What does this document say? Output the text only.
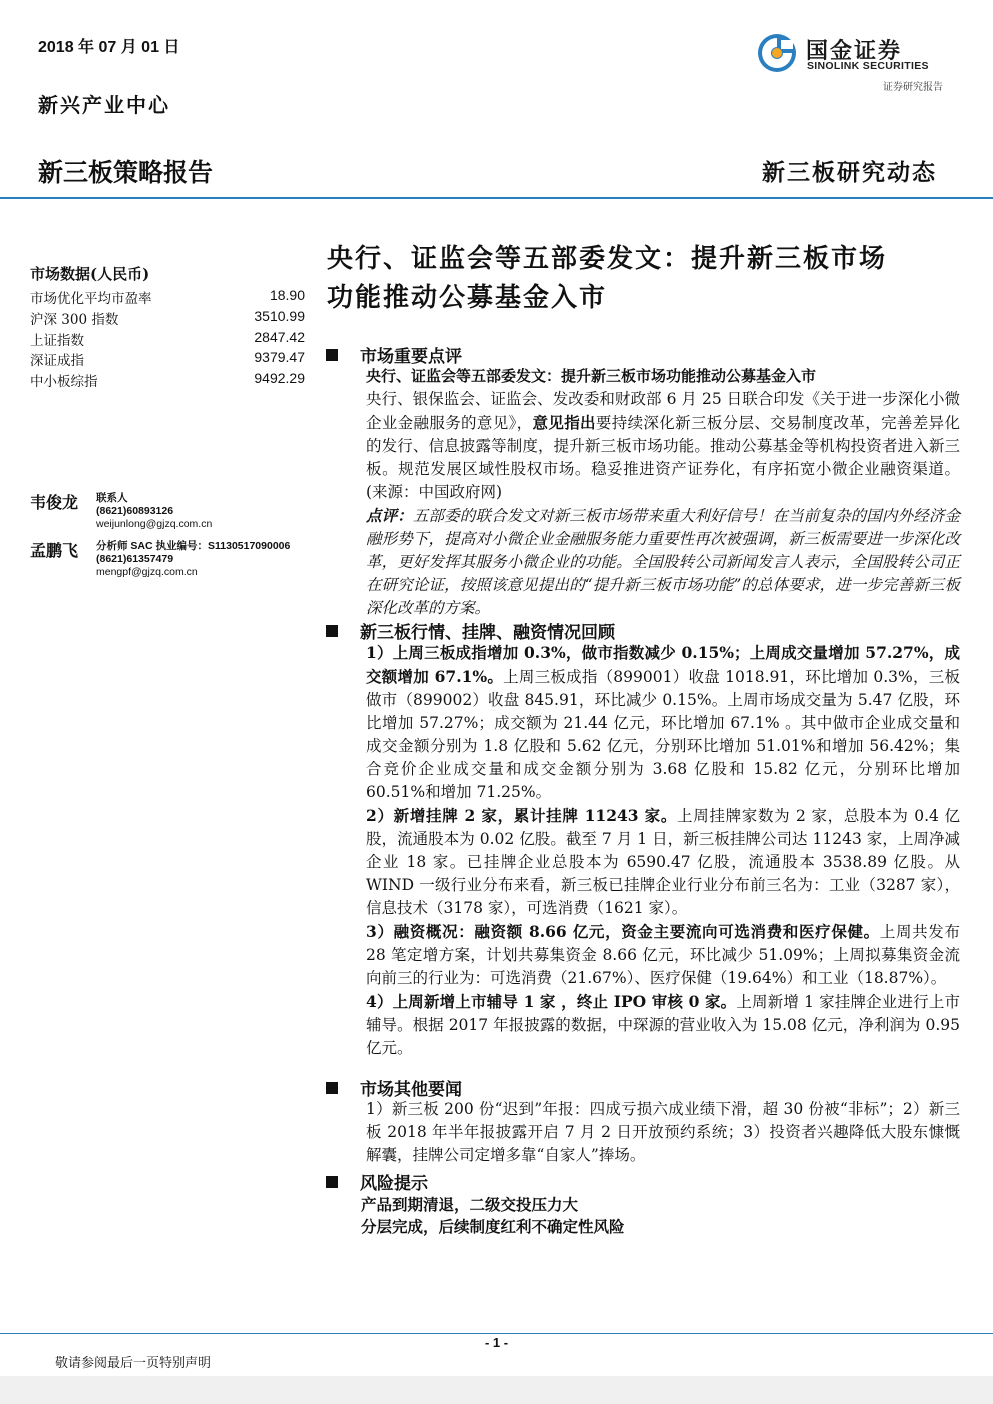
2018 年 07 月 01 日
新兴产业中心
新三板策略报告	新三板研究动态
国金证券
SINOLINK SECURITIES
证券研究报告
市场数据(人民币)
市场优化平均市盈率	18.90
沪深 300 指数	3510.99
上证指数	2847.42
深证成指	9379.47
中小板综指	9492.29
韦俊龙 联系人
(8621)60893126
weijunlong@gjzq.com.cn
孟鹏飞 分析师 SAC 执业编号：S1130517090006
(8621)61357479
mengpf@gjzq.com.cn
央行、证监会等五部委发文：提升新三板市场
功能推动公募基金入市
市场重要点评
央行、证监会等五部委发文：提升新三板市场功能推动公募基金入市
央行、银保监会、证监会、发改委和财政部 6 月 25 日联合印发《关于进一步深化小微企业金融服务的意见》，意见指出要持续深化新三板分层、交易制度改革，完善差异化的发行、信息披露等制度，提升新三板市场功能。推动公募基金等机构投资者进入新三板。规范发展区域性股权市场。稳妥推进资产证券化，有序拓宽小微企业融资渠道。(来源：中国政府网)
点评：五部委的联合发文对新三板市场带来重大利好信号！在当前复杂的国内外经济金融形势下，提高对小微企业金融服务能力重要性再次被强调，新三板需要进一步深化改革，更好发挥其服务小微企业的功能。全国股转公司新闻发言人表示，全国股转公司正在研究论证，按照该意见提出的“提升新三板市场功能”的总体要求，进一步完善新三板深化改革的方案。
新三板行情、挂牌、融资情况回顾
1）上周三板成指增加 0.3%，做市指数减少 0.15%；上周成交量增加 57.27%，成交额增加 67.1%。上周三板成指（899001）收盘 1018.91，环比增加 0.3%，三板做市（899002）收盘 845.91，环比减少 0.15%。上周市场成交量为 5.47 亿股，环比增加 57.27%；成交额为 21.44 亿元，环比增加 67.1% 。其中做市企业成交量和成交金额分别为 1.8 亿股和 5.62 亿元，分别环比增加 51.01%和增加 56.42%；集合竞价企业成交量和成交金额分别为 3.68 亿股和 15.82 亿元，分别环比增加 60.51%和增加 71.25%。
2）新增挂牌 2 家，累计挂牌 11243 家。上周挂牌家数为 2 家，总股本为 0.4 亿股，流通股本为 0.02 亿股。截至 7 月 1 日，新三板挂牌公司达 11243 家，上周净减企业 18 家。已挂牌企业总股本为 6590.47 亿股，流通股本 3538.89 亿股。从 WIND 一级行业分布来看，新三板已挂牌企业行业分布前三名为：工业（3287 家），信息技术（3178 家），可选消费（1621 家）。
3）融资概况：融资额 8.66 亿元，资金主要流向可选消费和医疗保健。上周共发布 28 笔定增方案，计划共募集资金 8.66 亿元，环比减少 51.09%；上周拟募集资金流向前三的行业为：可选消费（21.67%）、医疗保健（19.64%）和工业（18.87%）。
4）上周新增上市辅导 1 家 ，终止 IPO 审核 0 家。上周新增 1 家挂牌企业进行上市辅导。根据 2017 年报披露的数据，中琛源的营业收入为 15.08 亿元，净利润为 0.95 亿元。
市场其他要闻
1）新三板 200 份“迟到”年报：四成亏损六成业绩下滑，超 30 份被“非标”；2）新三板 2018 年半年报披露开启 7 月 2 日开放预约系统；3）投资者兴趣降低大股东慷慨解囊，挂牌公司定增多靠“自家人”捧场。
风险提示
产品到期清退，二级交投压力大
分层完成，后续制度红利不确定性风险
- 1 -
敬请参阅最后一页特别声明
